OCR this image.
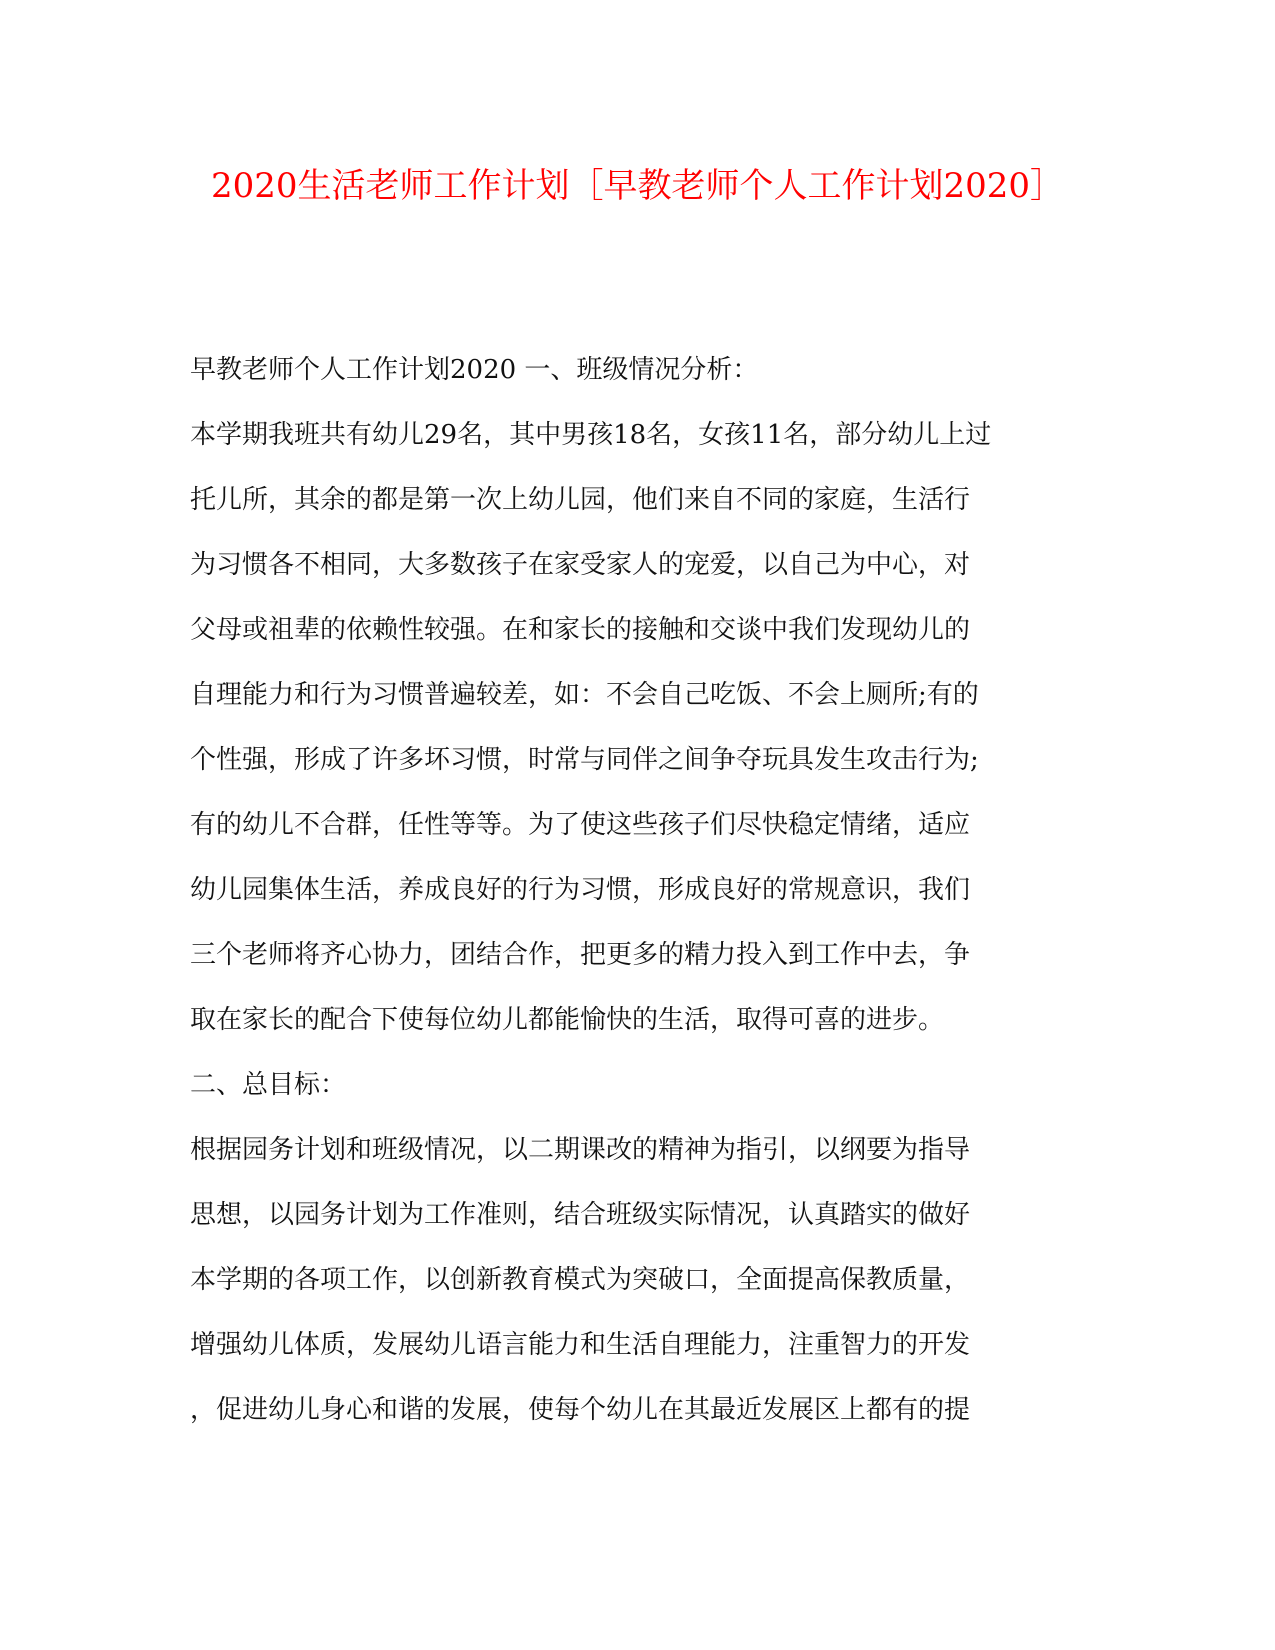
2020生活老师工作计划［早教老师个人工作计划2020］
早教老师个人工作计划2020 一、班级情况分析：
本学期我班共有幼儿29名，其中男孩18名，女孩11名，部分幼儿上过
托儿所，其余的都是第一次上幼儿园，他们来自不同的家庭，生活行
为习惯各不相同，大多数孩子在家受家人的宠爱，以自己为中心，对
父母或祖辈的依赖性较强。在和家长的接触和交谈中我们发现幼儿的
自理能力和行为习惯普遍较差，如：不会自己吃饭、不会上厕所;有的
个性强，形成了许多坏习惯，时常与同伴之间争夺玩具发生攻击行为;
有的幼儿不合群，任性等等。为了使这些孩子们尽快稳定情绪，适应
幼儿园集体生活，养成良好的行为习惯，形成良好的常规意识，我们
三个老师将齐心协力，团结合作，把更多的精力投入到工作中去，争
取在家长的配合下使每位幼儿都能愉快的生活，取得可喜的进步。
二、总目标：
根据园务计划和班级情况，以二期课改的精神为指引，以纲要为指导
思想，以园务计划为工作准则，结合班级实际情况，认真踏实的做好
本学期的各项工作，以创新教育模式为突破口，全面提高保教质量，
增强幼儿体质，发展幼儿语言能力和生活自理能力，注重智力的开发
，促进幼儿身心和谐的发展，使每个幼儿在其最近发展区上都有的提
